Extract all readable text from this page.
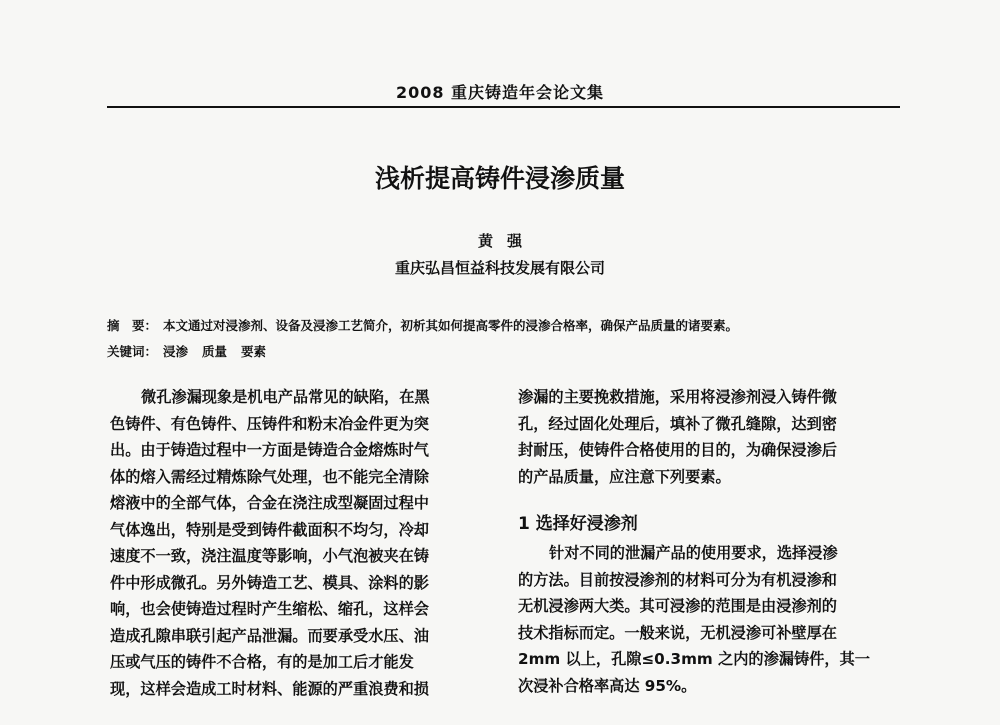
2008 重庆铸造年会论文集
浅析提高铸件浸渗质量
黄强
重庆弘昌恒益科技发展有限公司
摘　要： 本文通过对浸渗剂、设备及浸渗工艺简介，初析其如何提高零件的浸渗合格率，确保产品质量的诸要素。
关键词： 浸渗 质量 要素
微孔渗漏现象是机电产品常见的缺陷，在黑
色铸件、有色铸件、压铸件和粉末冶金件更为突
出。由于铸造过程中一方面是铸造合金熔炼时气
体的熔入需经过精炼除气处理，也不能完全清除
熔液中的全部气体，合金在浇注成型凝固过程中
气体逸出，特别是受到铸件截面积不均匀，冷却
速度不一致，浇注温度等影响，小气泡被夹在铸
件中形成微孔。另外铸造工艺、模具、涂料的影
响，也会使铸造过程时产生缩松、缩孔，这样会
造成孔隙串联引起产品泄漏。而要承受水压、油
压或气压的铸件不合格，有的是加工后才能发
现，这样会造成工时材料、能源的严重浪费和损
渗漏的主要挽救措施，采用将浸渗剂浸入铸件微
孔，经过固化处理后，填补了微孔缝隙，达到密
封耐压，使铸件合格使用的目的，为确保浸渗后
的产品质量，应注意下列要素。
1 选择好浸渗剂
针对不同的泄漏产品的使用要求，选择浸渗
的方法。目前按浸渗剂的材料可分为有机浸渗和
无机浸渗两大类。其可浸渗的范围是由浸渗剂的
技术指标而定。一般来说，无机浸渗可补壁厚在
2mm 以上，孔隙≤0.3mm 之内的渗漏铸件，其一
次浸补合格率高达 95%。
